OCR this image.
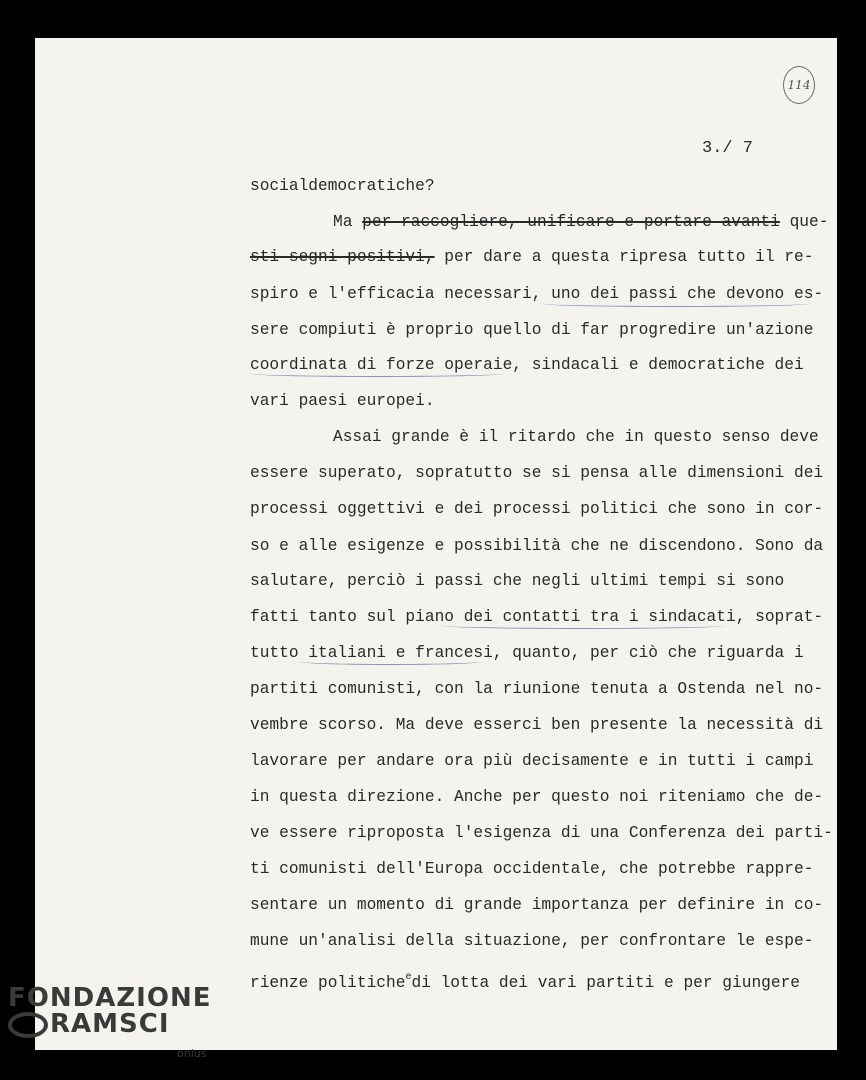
114
3./ 7
socialdemocratiche?
Ma per raccogliere, unificare e portare avanti que-
sti segni positivi, per dare a questa ripresa tutto il re-
spiro e l'efficacia necessari, uno dei passi che devono es-
sere compiuti è proprio quello di far progredire un'azione
coordinata di forze operaie, sindacali e democratiche dei
vari paesi europei.
Assai grande è il ritardo che in questo senso deve
essere superato, sopratutto se si pensa alle dimensioni dei
processi oggettivi e dei processi politici che sono in cor-
so e alle esigenze e possibilità che ne discendono. Sono da
salutare, perciò i passi che negli ultimi tempi si sono
fatti tanto sul piano dei contatti tra i sindacati, soprat-
tutto italiani e francesi, quanto, per ciò che riguarda i
partiti comunisti, con la riunione tenuta a Ostenda nel no-
vembre scorso. Ma deve esserci ben presente la necessità di
lavorare per andare ora più decisamente e in tutti i campi
in questa direzione. Anche per questo noi riteniamo che de-
ve essere riproposta l'esigenza di una Conferenza dei parti-
ti comunisti dell'Europa occidentale, che potrebbe rappre-
sentare un momento di grande importanza per definire in co-
mune un'analisi della situazione, per confrontare le espe-
rienze politiche$^e$di lotta dei vari partiti e per giungere
FONDAZIONE
RAMSCI
onlus
